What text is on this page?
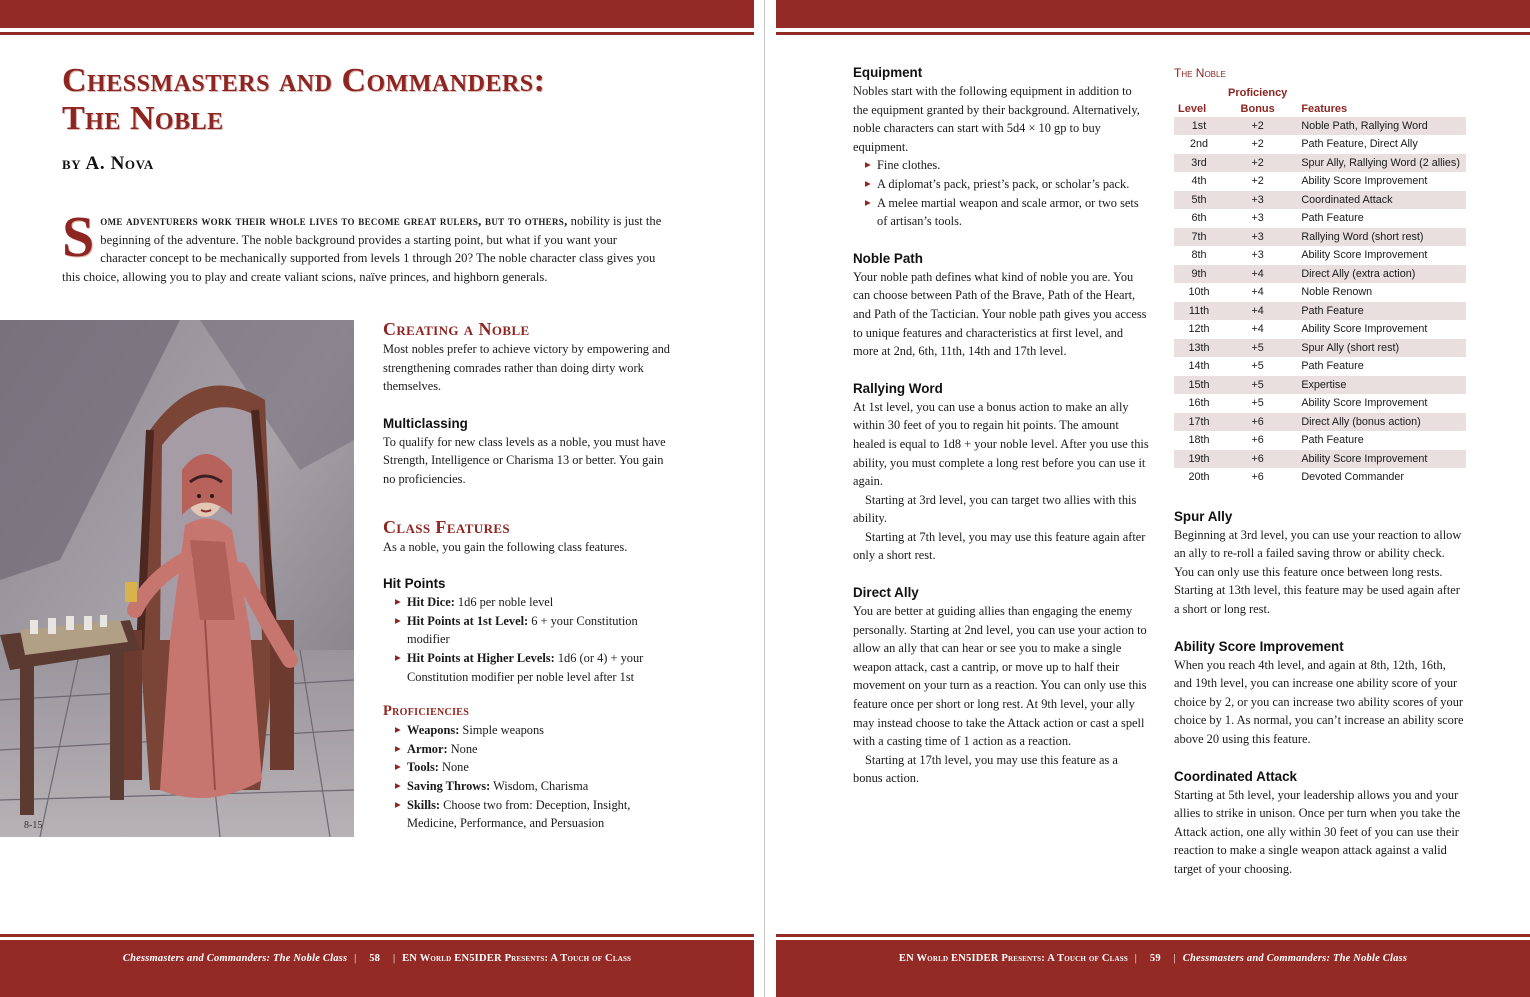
Chessmasters and Commanders:
The Noble
by A. Nova
Some adventurers work their whole lives to become great rulers, but to others, nobility is just the beginning of the adventure. The noble background provides a starting point, but what if you want your character concept to be mechanically supported from levels 1 through 20? The noble character class gives you this choice, allowing you to play and create valiant scions, naïve princes, and highborn generals.
8-15
Creating a Noble

Most nobles prefer to achieve victory by empowering and strengthening comrades rather than doing dirty work themselves.

Multiclassing

To qualify for new class levels as a noble, you must have Strength, Intelligence or Charisma 13 or better. You gain no proficiencies.

Class Features

As a noble, you gain the following class features.

Hit Points
▶ Hit Dice: 1d6 per noble level
▶ Hit Points at 1st Level: 6 + your Constitution modifier
▶ Hit Points at Higher Levels: 1d6 (or 4) + your Constitution modifier per noble level after 1st
Proficiencies
▶ Weapons: Simple weapons
▶ Armor: None
▶ Tools: None
▶ Saving Throws: Wisdom, Charisma
▶ Skills: Choose two from: Deception, Insight, Medicine, Performance, and Persuasion
Chessmasters and Commanders: The Noble Class | 58 | EN World EN5IDER Presents: A Touch of Class
Equipment

Nobles start with the following equipment in addition to the equipment granted by their background. Alternatively, noble characters can start with 5d4 × 10 gp to buy equipment.

▶ Fine clothes.
▶ A diplomat’s pack, priest’s pack, or scholar’s pack.
▶ A melee martial weapon and scale armor, or two sets of artisan’s tools.
Noble Path

Your noble path defines what kind of noble you are. You can choose between Path of the Brave, Path of the Heart, and Path of the Tactician. Your noble path gives you access to unique features and characteristics at first level, and more at 2nd, 6th, 11th, 14th and 17th level.

Rallying Word

At 1st level, you can use a bonus action to make an ally within 30 feet of you to regain hit points. The amount healed is equal to 1d8 + your noble level. After you use this ability, you must complete a long rest before you can use it again.

Starting at 3rd level, you can target two allies with this ability.

Starting at 7th level, you may use this feature again after only a short rest.

Direct Ally

You are better at guiding allies than engaging the enemy personally. Starting at 2nd level, you can use your action to allow an ally that can hear or see you to make a single weapon attack, cast a cantrip, or move up to half their movement on your turn as a reaction. You can only use this feature once per short or long rest. At 9th level, your ally may instead choose to take the Attack action or cast a spell with a casting time of 1 action as a reaction.

Starting at 17th level, you may use this feature as a bonus action.

The Noble
	Proficiency	
Level	Bonus	Features
1st	+2	Noble Path, Rallying Word
2nd	+2	Path Feature, Direct Ally
3rd	+2	Spur Ally, Rallying Word (2 allies)
4th	+2	Ability Score Improvement
5th	+3	Coordinated Attack
6th	+3	Path Feature
7th	+3	Rallying Word (short rest)
8th	+3	Ability Score Improvement
9th	+4	Direct Ally (extra action)
10th	+4	Noble Renown
11th	+4	Path Feature
12th	+4	Ability Score Improvement
13th	+5	Spur Ally (short rest)
14th	+5	Path Feature
15th	+5	Expertise
16th	+5	Ability Score Improvement
17th	+6	Direct Ally (bonus action)
18th	+6	Path Feature
19th	+6	Ability Score Improvement
20th	+6	Devoted Commander
Spur Ally

Beginning at 3rd level, you can use your reaction to allow an ally to re-roll a failed saving throw or ability check. You can only use this feature once between long rests. Starting at 13th level, this feature may be used again after a short or long rest.

Ability Score Improvement

When you reach 4th level, and again at 8th, 12th, 16th, and 19th level, you can increase one ability score of your choice by 2, or you can increase two ability scores of your choice by 1. As normal, you can’t increase an ability score above 20 using this feature.

Coordinated Attack

Starting at 5th level, your leadership allows you and your allies to strike in unison. Once per turn when you take the Attack action, one ally within 30 feet of you can use their reaction to make a single weapon attack against a valid target of your choosing.

EN World EN5IDER Presents: A Touch of Class | 59 | Chessmasters and Commanders: The Noble Class
